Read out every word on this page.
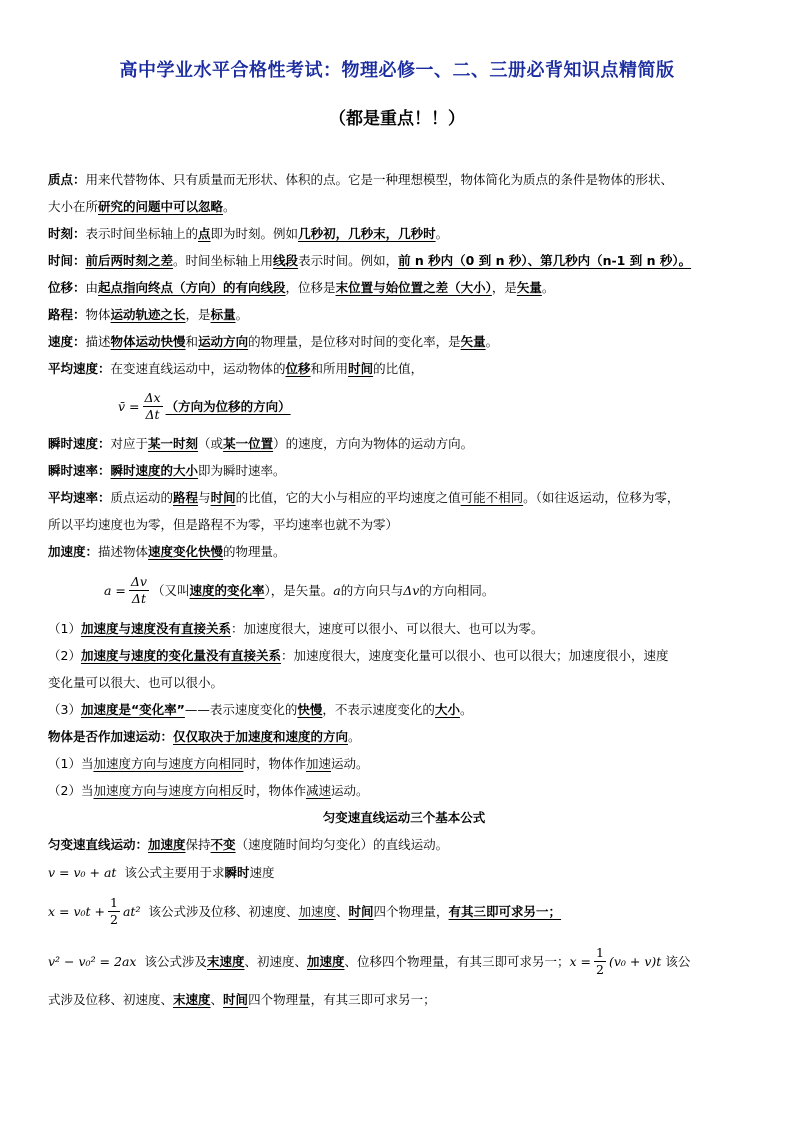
高中学业水平合格性考试：物理必修一、二、三册必背知识点精简版
（都是重点！！）
质点：用来代替物体、只有质量而无形状、体积的点。它是一种理想模型，物体简化为质点的条件是物体的形状、
大小在所研究的问题中可以忽略。
时刻：表示时间坐标轴上的点即为时刻。例如几秒初，几秒末，几秒时。
时间：前后两时刻之差。时间坐标轴上用线段表示时间。例如，前 n 秒内（0 到 n 秒）、第几秒内（n-1 到 n 秒）。
位移：由起点指向终点（方向）的有向线段，位移是末位置与始位置之差（大小），是矢量。
路程：物体运动轨迹之长，是标量。
速度：描述物体运动快慢和运动方向的物理量，是位移对时间的变化率，是矢量。
平均速度：在变速直线运动中，运动物体的位移和所用时间的比值，
v̄ = $\frac{\Delta x}{\Delta t}$ （方向为位移的方向）
瞬时速度：对应于某一时刻（或某一位置）的速度，方向为物体的运动方向。
瞬时速率：瞬时速度的大小即为瞬时速率。
平均速率：质点运动的路程与时间的比值，它的大小与相应的平均速度之值可能不相同。（如往返运动，位移为零，
所以平均速度也为零，但是路程不为零，平均速率也就不为零）
加速度：描述物体速度变化快慢的物理量。
$a = \frac{\Delta v}{\Delta t}$ （又叫 速度的变化率 ），是矢量。 a 的方向只与 Δv 的方向相同。
（1）加速度与速度没有直接关系：加速度很大，速度可以很小、可以很大、也可以为零。
（2）加速度与速度的变化量没有直接关系：加速度很大，速度变化量可以很小、也可以很大；加速度很小，速度
变化量可以很大、也可以很小。
（3）加速度是“变化率”——表示速度变化的快慢，不表示速度变化的大小。
物体是否作加速运动：仅仅取决于加速度和速度的方向。
（1）当加速度方向与速度方向相同时，物体作加速运动。
（2）当加速度方向与速度方向相反时，物体作减速运动。
匀变速直线运动三个基本公式
匀变速直线运动：加速度保持不变（速度随时间均匀变化）的直线运动。
v = v₀ + at 该公式主要用于求 瞬时 速度
$x = v_0t + \frac{1}{2} at^2$ 该公式涉及位移、初速度、 加速度 、 时间 四个物理量， 有其三即可求另一；
v² − v₀² = 2ax 该公式涉及 末速度 、初速度、 加速度 、位移四个物理量，有其三即可求另一； $x = \frac{1}{2} (v_0 + v)t$ 该公
式涉及位移、初速度、末速度、时间四个物理量，有其三即可求另一；
